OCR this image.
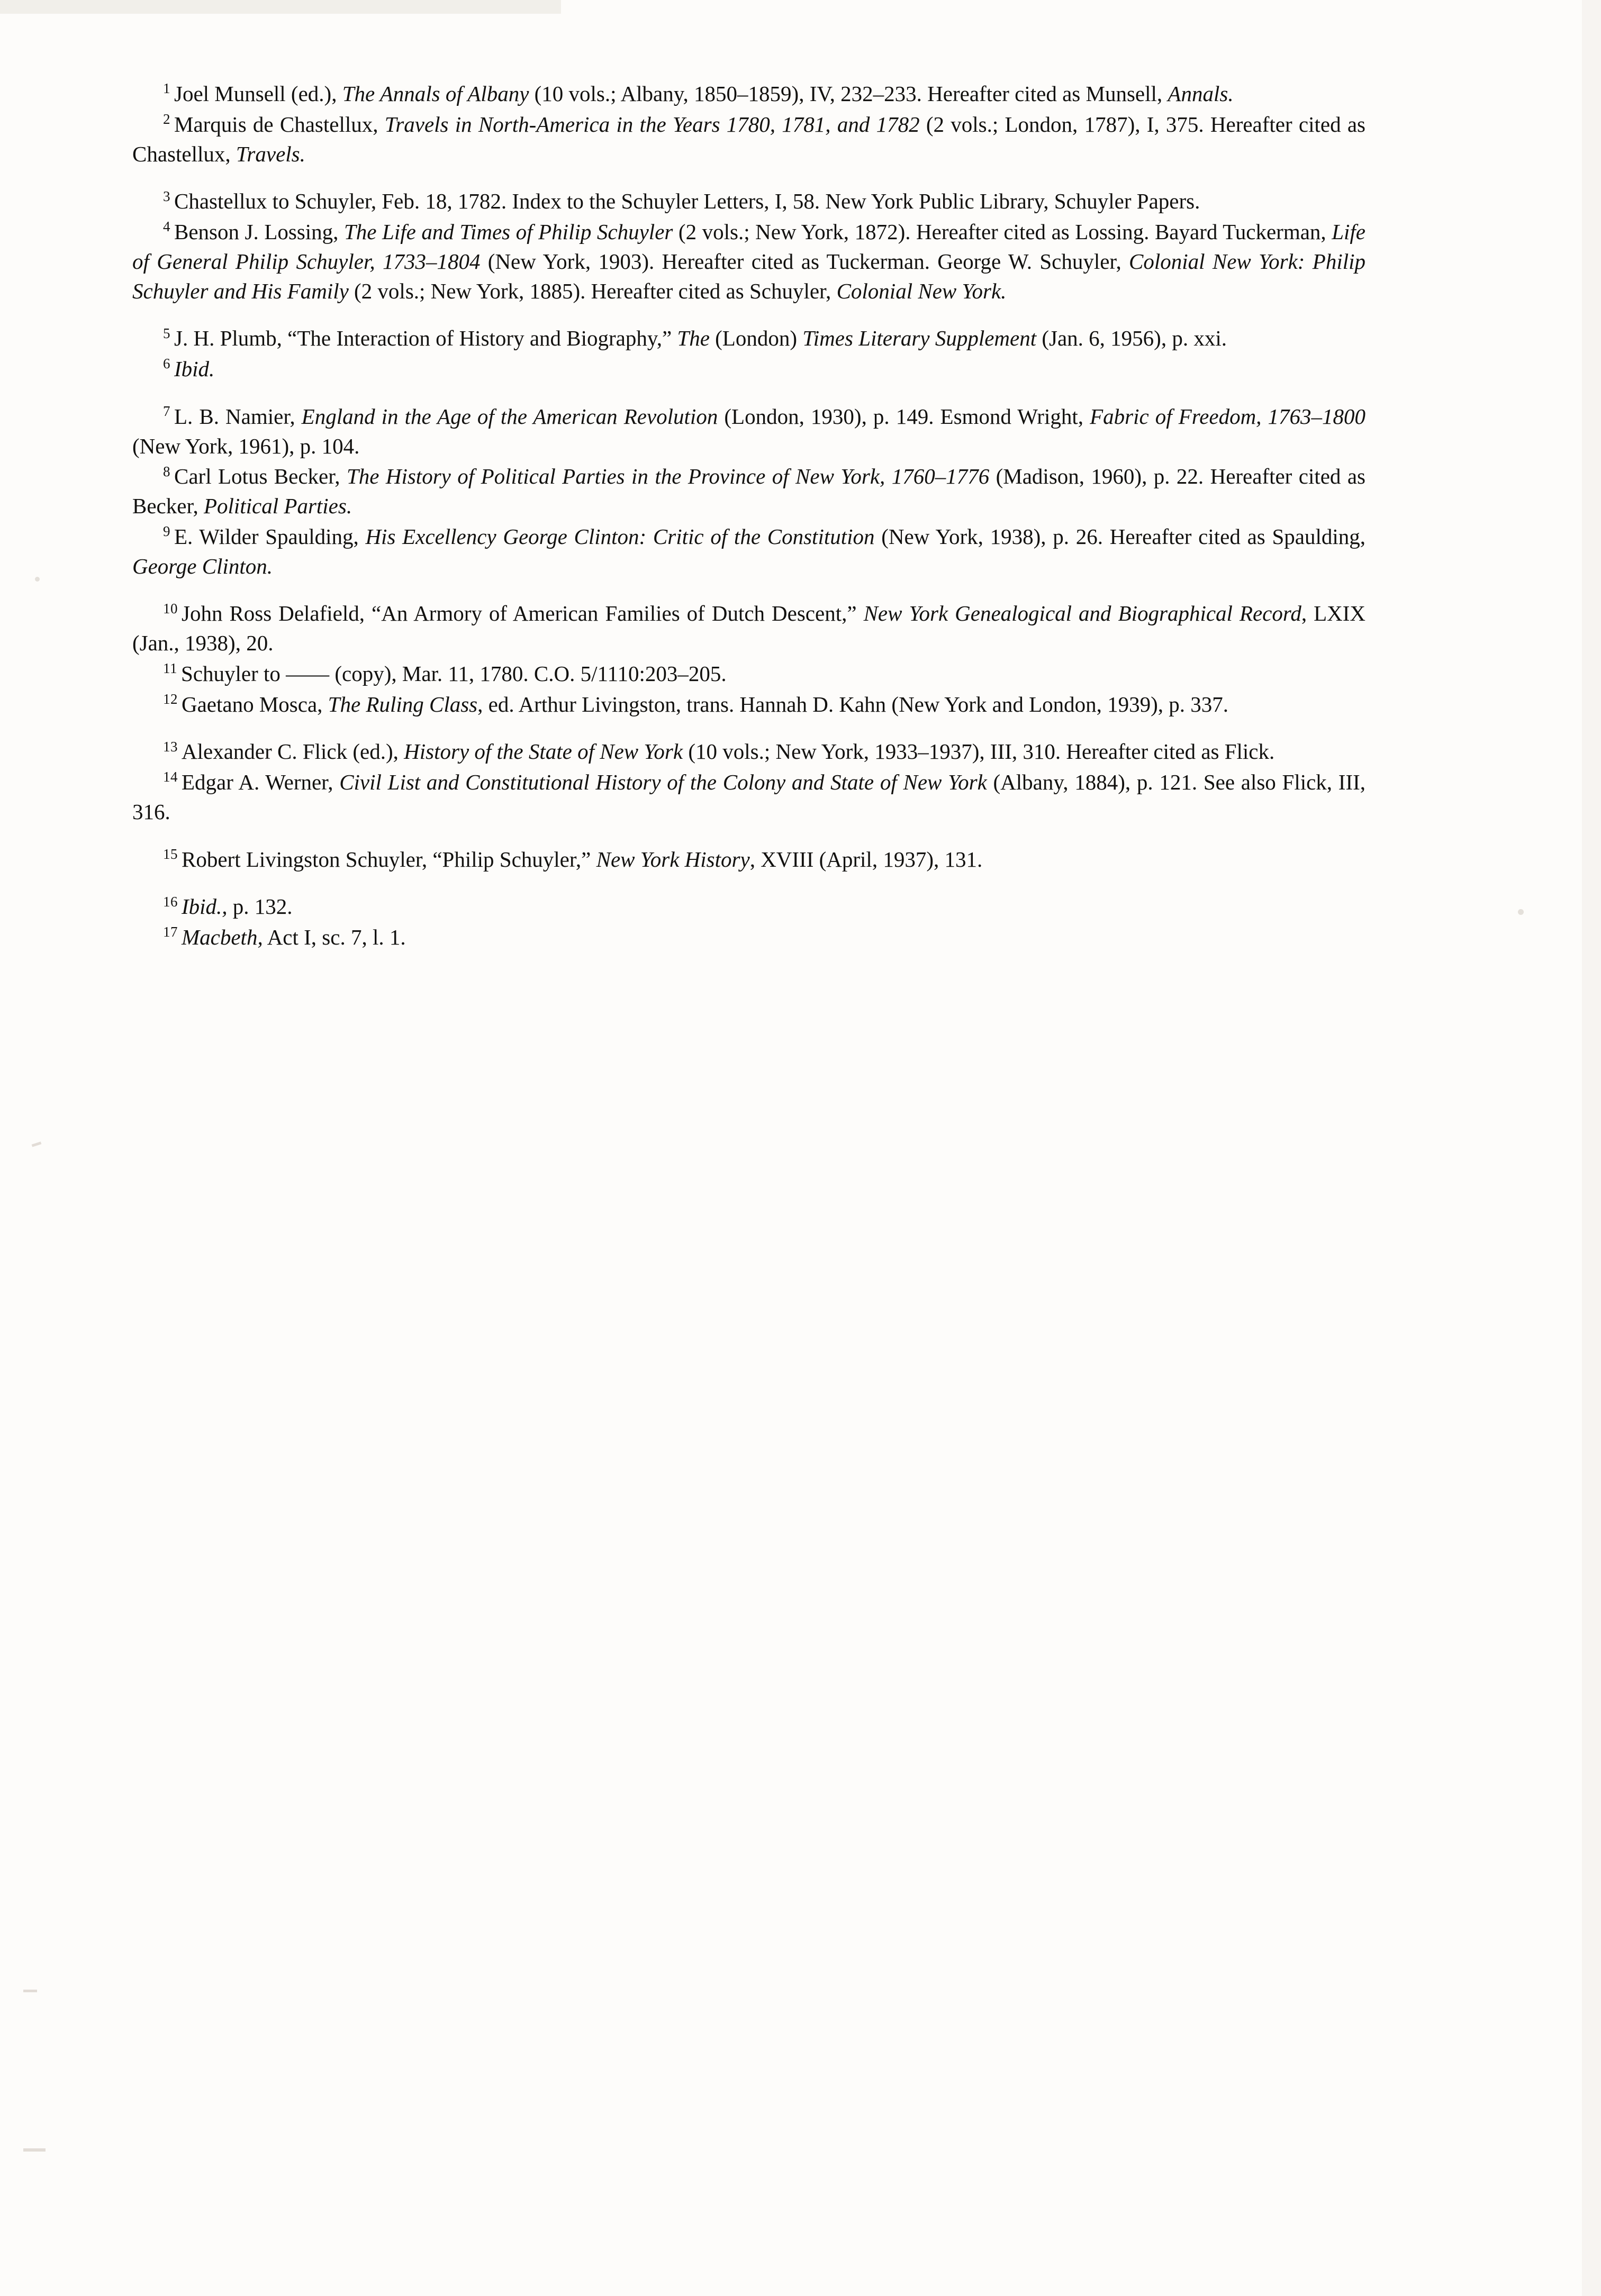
$^1$ Joel Munsell (ed.), The Annals of Albany (10 vols.; Albany, 1850–1859), IV, 232–233. Hereafter cited as Munsell, Annals.

$^2$ Marquis de Chastellux, Travels in North-America in the Years 1780, 1781, and 1782 (2 vols.; London, 1787), I, 375. Hereafter cited as Chastellux, Travels.

$^3$ Chastellux to Schuyler, Feb. 18, 1782. Index to the Schuyler Letters, I, 58. New York Public Library, Schuyler Papers.

$^4$ Benson J. Lossing, The Life and Times of Philip Schuyler (2 vols.; New York, 1872). Hereafter cited as Lossing. Bayard Tuckerman, Life of General Philip Schuyler, 1733–1804 (New York, 1903). Hereafter cited as Tuckerman. George W. Schuyler, Colonial New York: Philip Schuyler and His Family (2 vols.; New York, 1885). Hereafter cited as Schuyler, Colonial New York.

$^5$ J. H. Plumb, “The Interaction of History and Biography,” The (London) Times Literary Supplement (Jan. 6, 1956), p. xxi.

$^6$ Ibid.

$^7$ L. B. Namier, England in the Age of the American Revolution (London, 1930), p. 149. Esmond Wright, Fabric of Freedom, 1763–1800 (New York, 1961), p. 104.

$^8$ Carl Lotus Becker, The History of Political Parties in the Province of New York, 1760–1776 (Madison, 1960), p. 22. Hereafter cited as Becker, Political Parties.

$^9$ E. Wilder Spaulding, His Excellency George Clinton: Critic of the Constitution (New York, 1938), p. 26. Hereafter cited as Spaulding, George Clinton.

$^{10}$ John Ross Delafield, “An Armory of American Families of Dutch Descent,” New York Genealogical and Biographical Record, LXIX (Jan., 1938), 20.

$^{11}$ Schuyler to —— (copy), Mar. 11, 1780. C.O. 5/1110:203–205.

$^{12}$ Gaetano Mosca, The Ruling Class, ed. Arthur Livingston, trans. Hannah D. Kahn (New York and London, 1939), p. 337.

$^{13}$ Alexander C. Flick (ed.), History of the State of New York (10 vols.; New York, 1933–1937), III, 310. Hereafter cited as Flick.

$^{14}$ Edgar A. Werner, Civil List and Constitutional History of the Colony and State of New York (Albany, 1884), p. 121. See also Flick, III, 316.

$^{15}$ Robert Livingston Schuyler, “Philip Schuyler,” New York History, XVIII (April, 1937), 131.

$^{16}$ Ibid., p. 132.

$^{17}$ Macbeth, Act I, sc. 7, l. 1.
